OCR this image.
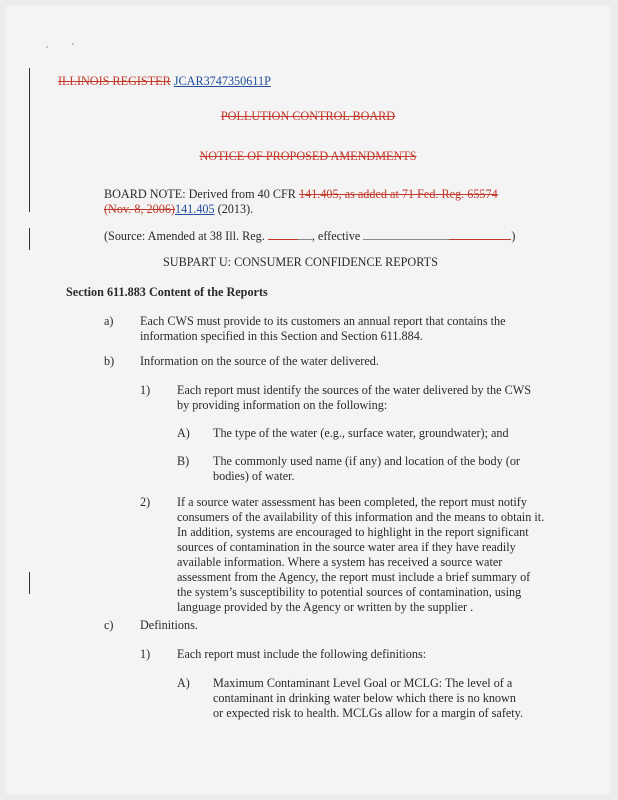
ILLINOIS REGISTER JCAR3747350611P
POLLUTION CONTROL BOARD
NOTICE OF PROPOSED AMENDMENTS
BOARD NOTE: Derived from 40 CFR 141.405, as added at 71 Fed. Reg. 65574 (Nov. 8, 2006)141.405 (2013).
(Source: Amended at 38 Ill. Reg.	, effective	)
SUBPART U: CONSUMER CONFIDENCE REPORTS
Section 611.883 Content of the Reports
a) Each CWS must provide to its customers an annual report that contains the information specified in this Section and Section 611.884.
b) Information on the source of the water delivered.
1) Each report must identify the sources of the water delivered by the CWS by providing information on the following:
A) The type of the water (e.g., surface water, groundwater); and
B) The commonly used name (if any) and location of the body (or bodies) of water.
2) If a source water assessment has been completed, the report must notify consumers of the availability of this information and the means to obtain it. In addition, systems are encouraged to highlight in the report significant sources of contamination in the source water area if they have readily available information. Where a system has received a source water assessment from the Agency, the report must include a brief summary of the system’s susceptibility to potential sources of contamination, using language provided by the Agency or written by the supplier .
c) Definitions.
1) Each report must include the following definitions:
A) Maximum Contaminant Level Goal or MCLG: The level of a contaminant in drinking water below which there is no known or expected risk to health. MCLGs allow for a margin of safety.
